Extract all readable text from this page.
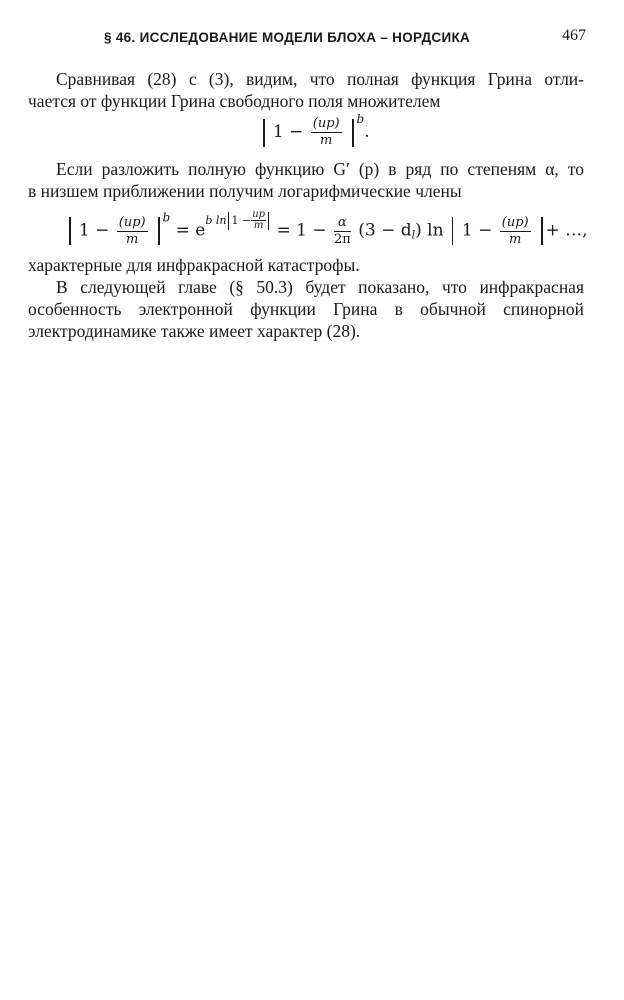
§ 46. ИССЛЕДОВАНИЕ МОДЕЛИ БЛОХА – НОРДСИКА	467
Сравнивая (28) с (3), видим, что полная функция Грина отли-
чается от функции Грина свободного поля множителем
$1 - \frac{(up)}{m} ^b$.
Если разложить полную функцию G′ (p) в ряд по степеням α, то
в низшем приближении получим логарифмические члены
$1 - \frac{(up)}{m} ^b = e^{b ln 1 - \frac{up}{m}} = 1 - \frac{\alpha}{2\pi} (3 - d_l)$ $\ln 1 - \frac{(up)}{m}$ + …,
характерные для инфракрасной катастрофы.
В следующей главе (§ 50.3) будет показано, что инфракрасная
особенность электронной функции Грина в обычной спинорной
электродинамике также имеет характер (28).
